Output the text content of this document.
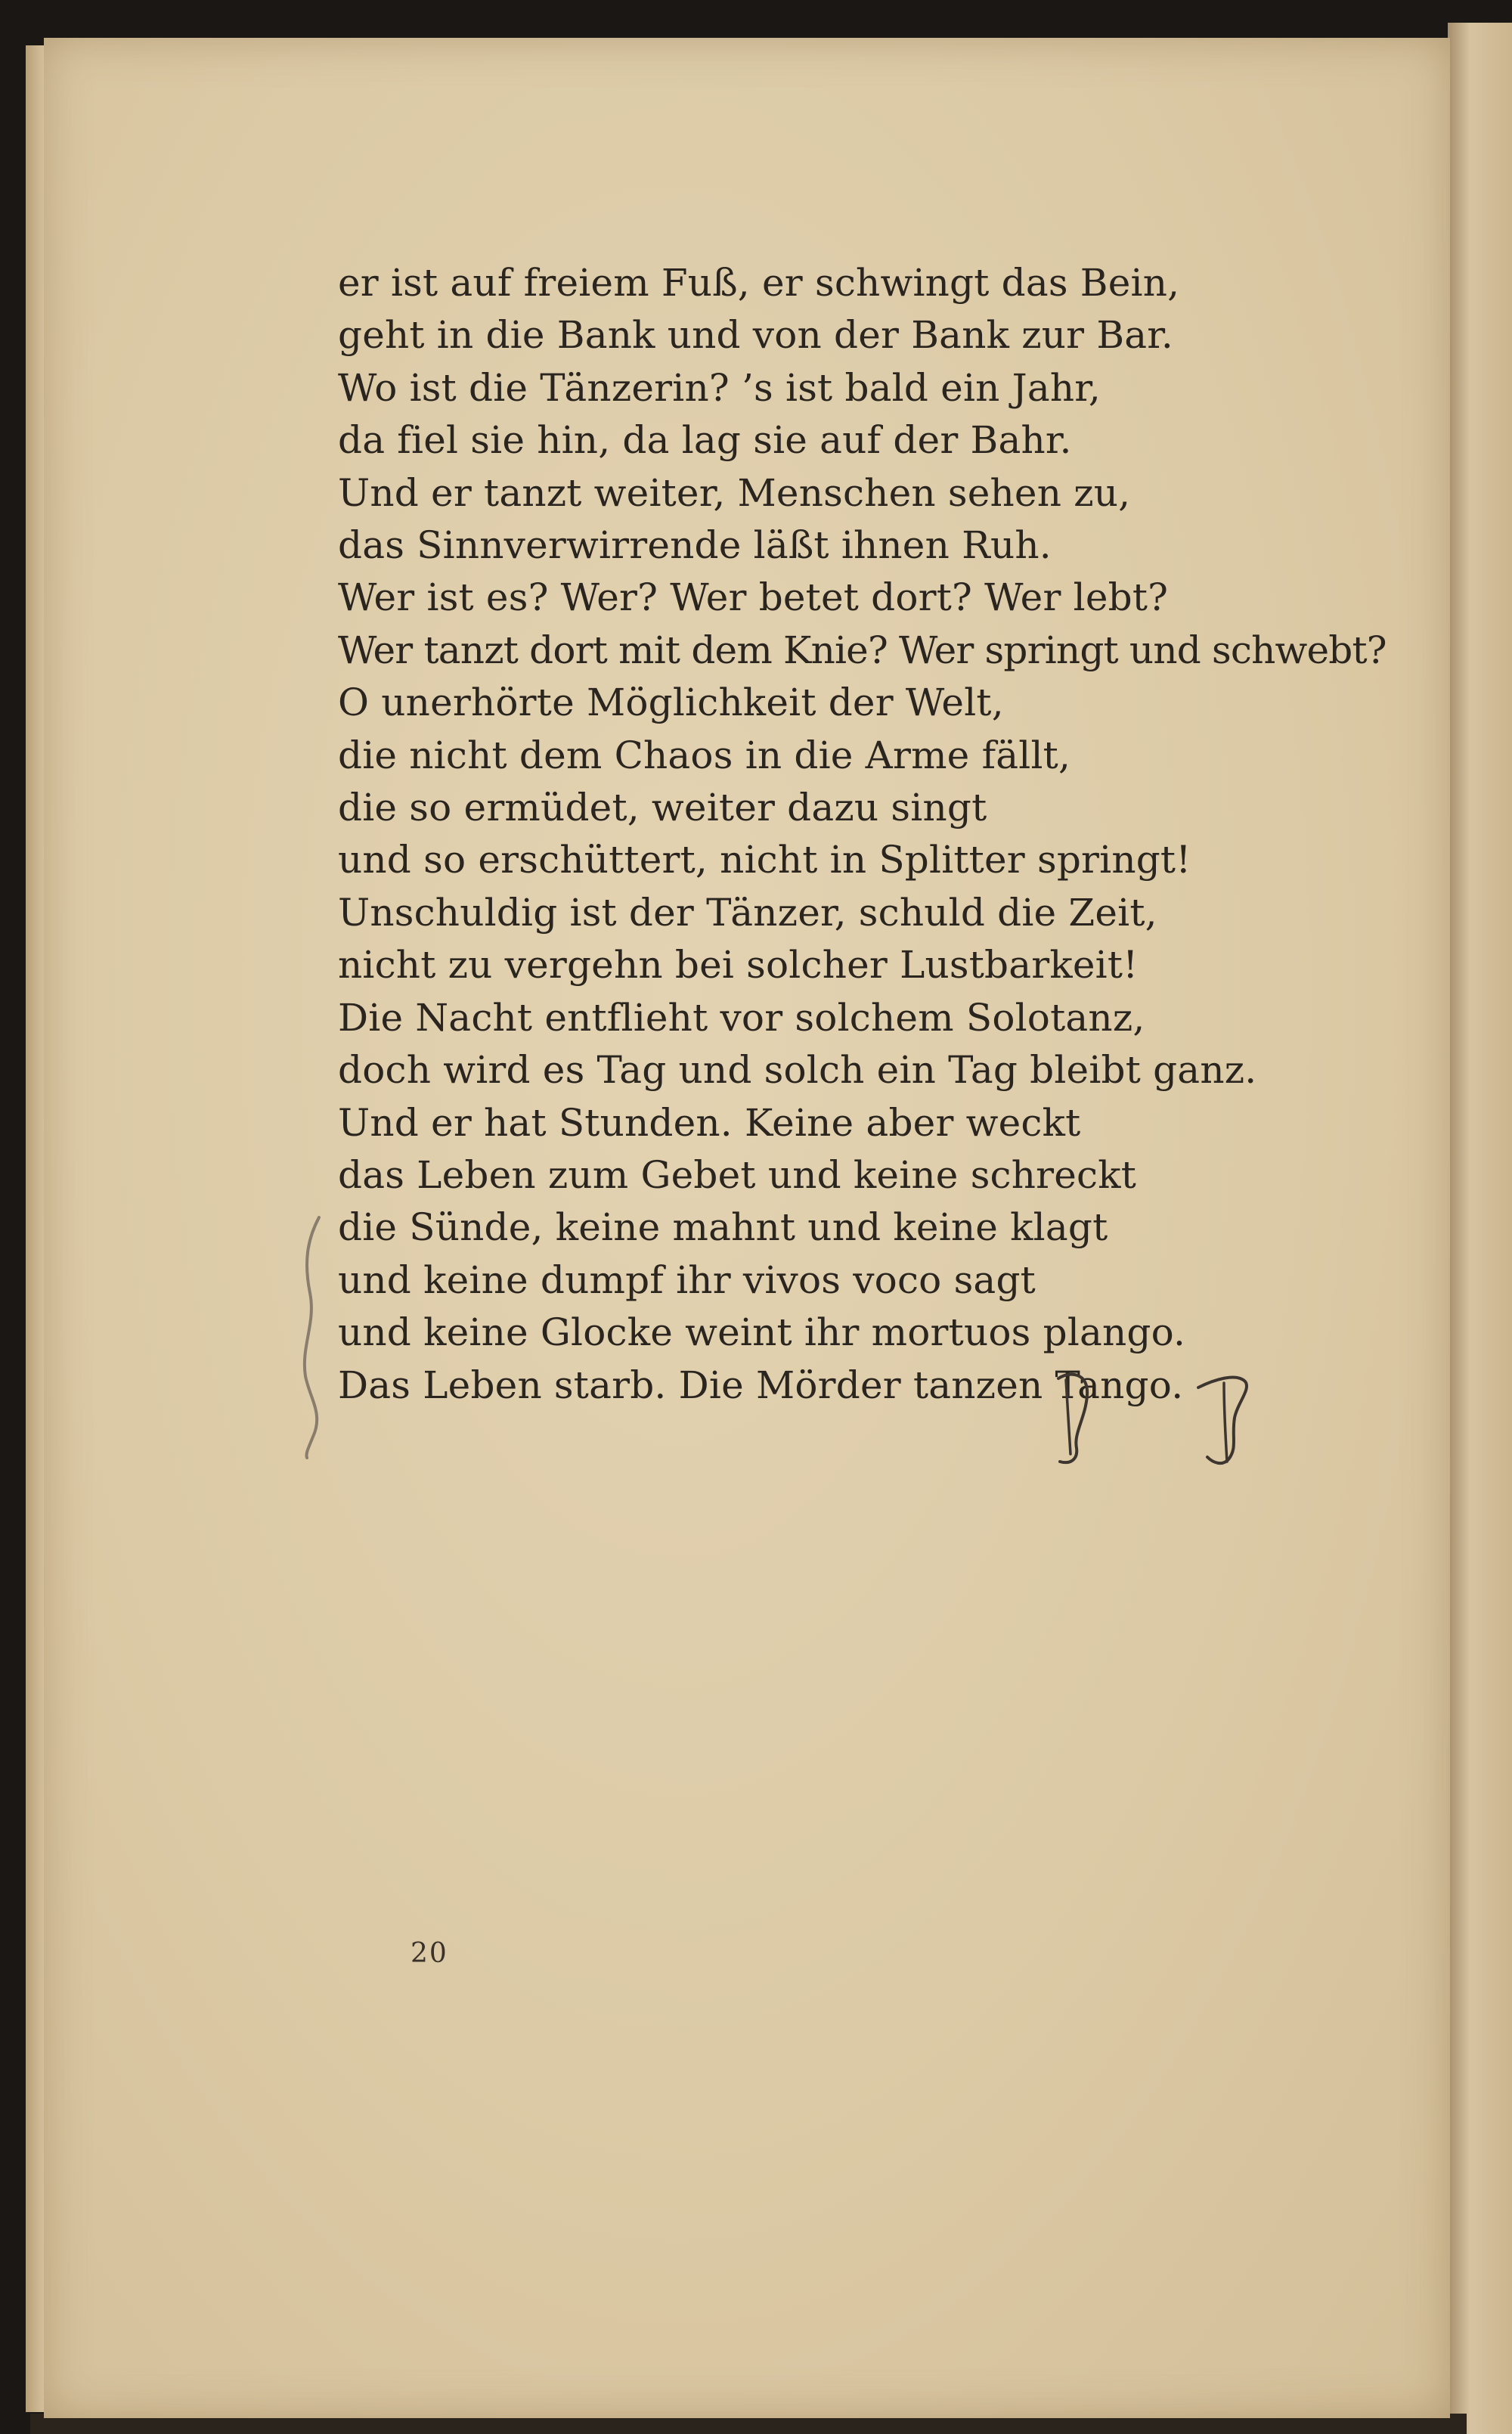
er ist auf freiem Fuß, er schwingt das Bein,
geht in die Bank und von der Bank zur Bar.
Wo ist die Tänzerin? ’s ist bald ein Jahr,
da fiel sie hin, da lag sie auf der Bahr.
Und er tanzt weiter, Menschen sehen zu,
das Sinnverwirrende läßt ihnen Ruh.
Wer ist es? Wer? Wer betet dort? Wer lebt?
Wer tanzt dort mit dem Knie? Wer springt und schwebt?
O unerhörte Möglichkeit der Welt,
die nicht dem Chaos in die Arme fällt,
die so ermüdet, weiter dazu singt
und so erschüttert, nicht in Splitter springt!
Unschuldig ist der Tänzer, schuld die Zeit,
nicht zu vergehn bei solcher Lustbarkeit!
Die Nacht entflieht vor solchem Solotanz,
doch wird es Tag und solch ein Tag bleibt ganz.
Und er hat Stunden. Keine aber weckt
das Leben zum Gebet und keine schreckt
die Sünde, keine mahnt und keine klagt
und keine dumpf ihr vivos voco sagt
und keine Glocke weint ihr mortuos plango.
Das Leben starb. Die Mörder tanzen Tango.
20
